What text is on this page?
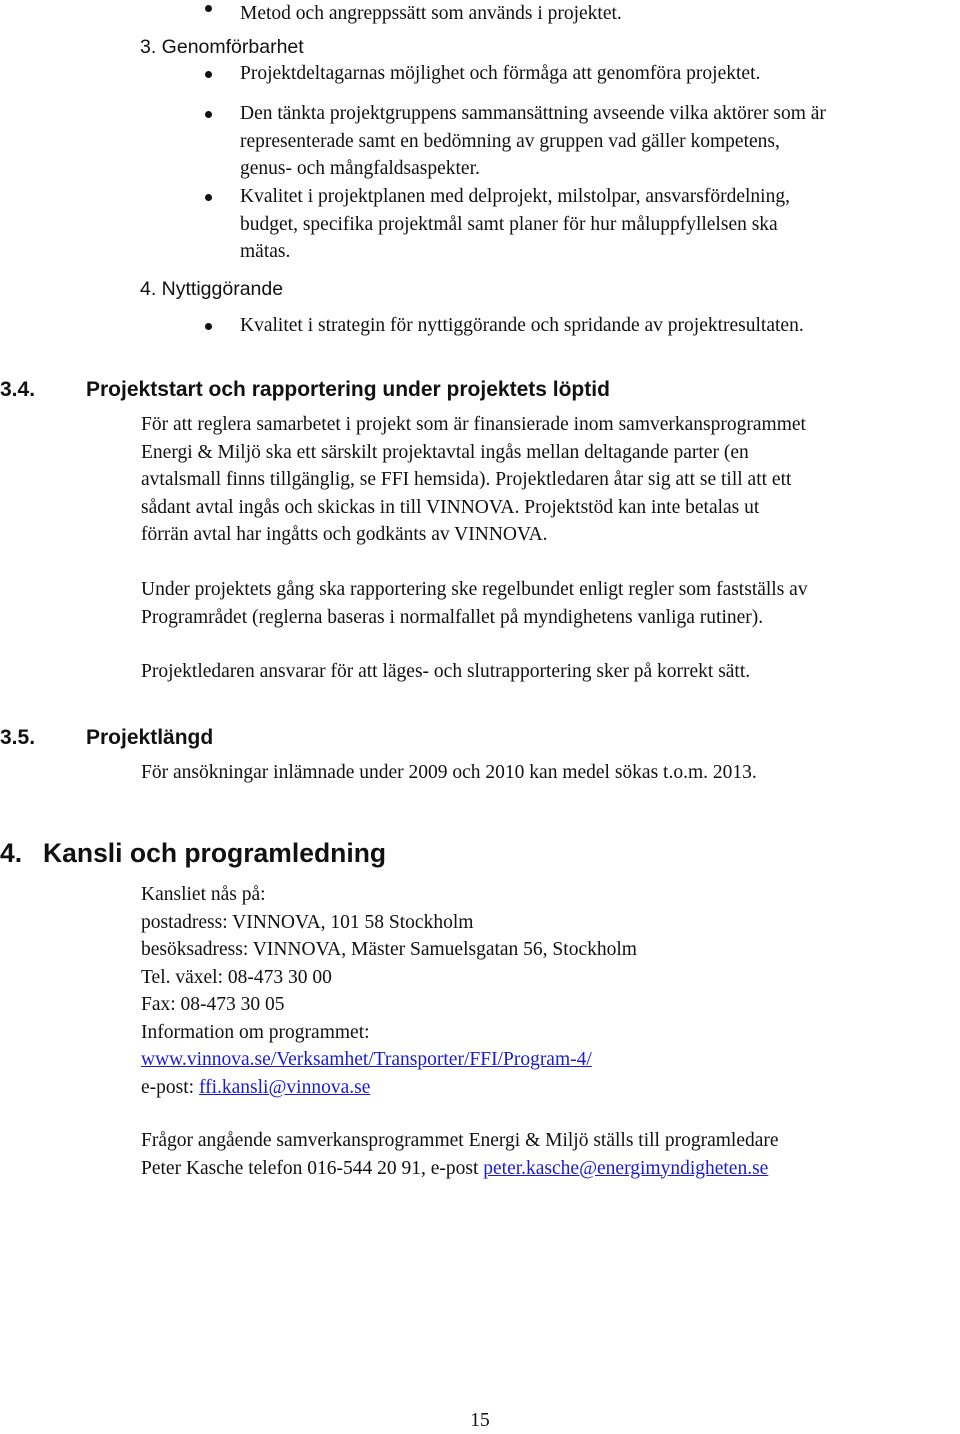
Metod och angreppssätt som används i projektet.
3. Genomförbarhet
Projektdeltagarnas möjlighet och förmåga att genomföra projektet.
Den tänkta projektgruppens sammansättning avseende vilka aktörer som är
representerade samt en bedömning av gruppen vad gäller kompetens,
genus- och mångfaldsaspekter.
Kvalitet i projektplanen med delprojekt, milstolpar, ansvarsfördelning,
budget, specifika projektmål samt planer för hur måluppfyllelsen ska
mätas.
4. Nyttiggörande
Kvalitet i strategin för nyttiggörande och spridande av projektresultaten.
3.4. Projektstart och rapportering under projektets löptid
För att reglera samarbetet i projekt som är finansierade inom samverkansprogrammet
Energi & Miljö ska ett särskilt projektavtal ingås mellan deltagande parter (en
avtalsmall finns tillgänglig, se FFI hemsida). Projektledaren åtar sig att se till att ett
sådant avtal ingås och skickas in till VINNOVA. Projektstöd kan inte betalas ut
förrän avtal har ingåtts och godkänts av VINNOVA.
Under projektets gång ska rapportering ske regelbundet enligt regler som fastställs av
Programrådet (reglerna baseras i normalfallet på myndighetens vanliga rutiner).
Projektledaren ansvarar för att läges- och slutrapportering sker på korrekt sätt.
3.5. Projektlängd
För ansökningar inlämnade under 2009 och 2010 kan medel sökas t.o.m. 2013.
4. Kansli och programledning
Kansliet nås på:
postadress: VINNOVA, 101 58 Stockholm
besöksadress: VINNOVA, Mäster Samuelsgatan 56, Stockholm
Tel. växel: 08-473 30 00
Fax: 08-473 30 05
Information om programmet:
www.vinnova.se/Verksamhet/Transporter/FFI/Program-4/
e-post: ffi.kansli@vinnova.se
Frågor angående samverkansprogrammet Energi & Miljö ställs till programledare
Peter Kasche telefon 016-544 20 91, e-post peter.kasche@energimyndigheten.se
15
